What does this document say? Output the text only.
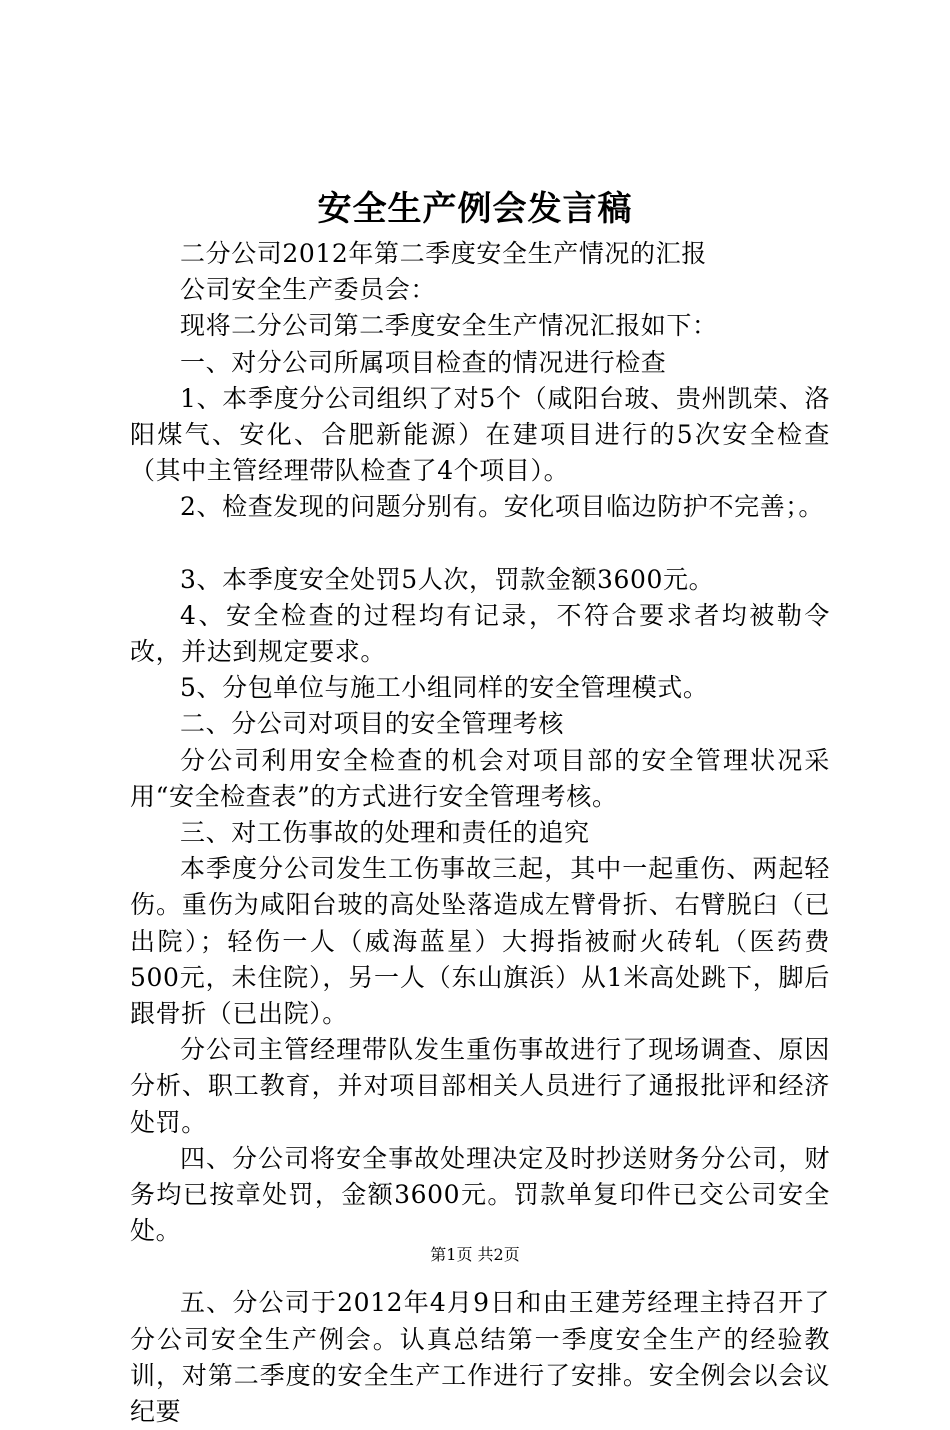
安全生产例会发言稿

二分公司2012年第二季度安全生产情况的汇报

公司安全生产委员会：

现将二分公司第二季度安全生产情况汇报如下：

一、对分公司所属项目检查的情况进行检查

1、本季度分公司组织了对5个（咸阳台玻、贵州凯荣、洛阳煤气、安化、合肥新能源）在建项目进行的5次安全检查（其中主管经理带队检查了4个项目）。

2、检查发现的问题分别有。安化项目临边防护不完善；。

3、本季度安全处罚5人次，罚款金额3600元。

4、安全检查的过程均有记录，不符合要求者均被勒令改，并达到规定要求。

5、分包单位与施工小组同样的安全管理模式。

二、分公司对项目的安全管理考核

分公司利用安全检查的机会对项目部的安全管理状况采用“安全检查表”的方式进行安全管理考核。

三、对工伤事故的处理和责任的追究

本季度分公司发生工伤事故三起，其中一起重伤、两起轻伤。重伤为咸阳台玻的高处坠落造成左臂骨折、右臂脱臼（已出院）；轻伤一人（威海蓝星）大拇指被耐火砖轧（医药费500元，未住院），另一人（东山旗浜）从1米高处跳下，脚后跟骨折（已出院）。

分公司主管经理带队发生重伤事故进行了现场调查、原因分析、职工教育，并对项目部相关人员进行了通报批评和经济处罚。

四、分公司将安全事故处理决定及时抄送财务分公司，财务均已按章处罚，金额3600元。罚款单复印件已交公司安全处。

五、分公司于2012年4月9日和由王建芳经理主持召开了分公司安全生产例会。认真总结第一季度安全生产的经验教训，对第二季度的安全生产工作进行了安排。安全例会以会议纪要

第1页 共2页
